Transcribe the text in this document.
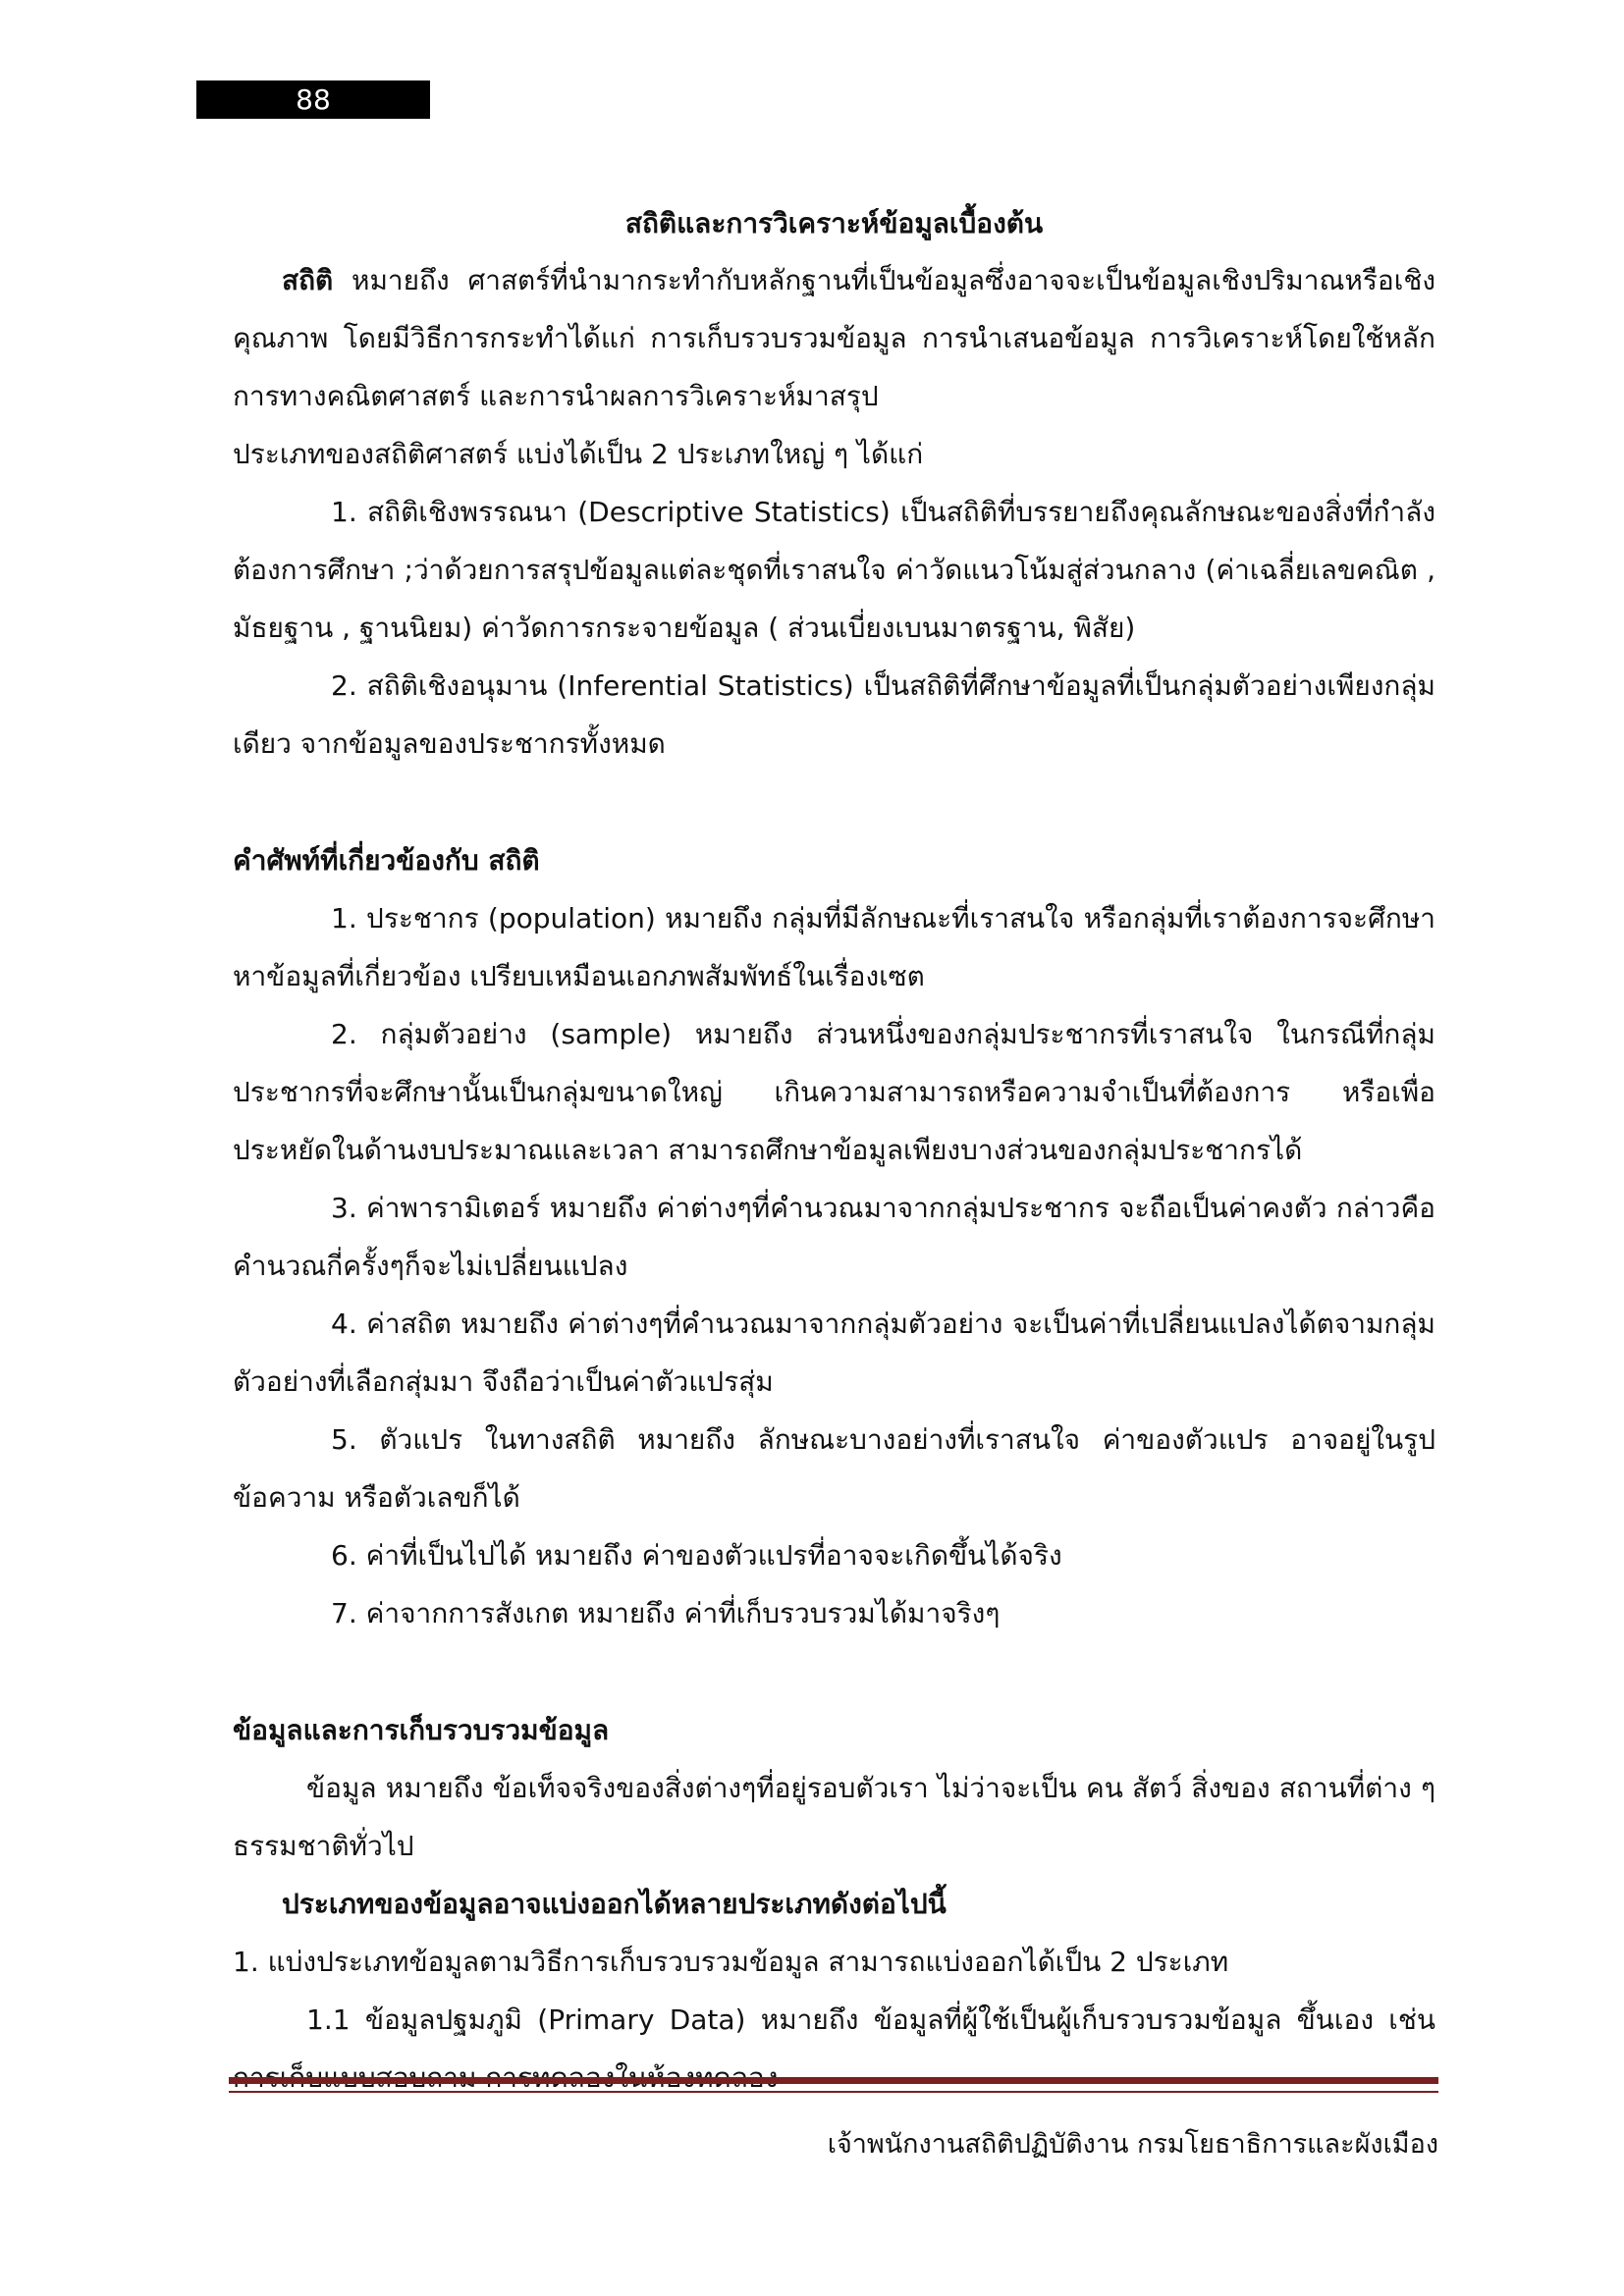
88

สถิติและการวิเคราะห์ข้อมูลเบื้องต้น

สถิติ หมายถึง ศาสตร์ที่นำมากระทำกับหลักฐานที่เป็นข้อมูลซึ่งอาจจะเป็นข้อมูลเชิงปริมาณหรือเชิงคุณภาพ โดยมีวิธีการกระทำได้แก่ การเก็บรวบรวมข้อมูล การนำเสนอข้อมูล การวิเคราะห์โดยใช้หลักการทางคณิตศาสตร์ และการนำผลการวิเคราะห์มาสรุป

ประเภทของสถิติศาสตร์ แบ่งได้เป็น 2 ประเภทใหญ่ ๆ ได้แก่

1. สถิติเชิงพรรณนา (Descriptive Statistics) เป็นสถิติที่บรรยายถึงคุณลักษณะของสิ่งที่กำลังต้องการศึกษา ;ว่าด้วยการสรุปข้อมูลแต่ละชุดที่เราสนใจ ค่าวัดแนวโน้มสู่ส่วนกลาง (ค่าเฉลี่ยเลขคณิต , มัธยฐาน , ฐานนิยม) ค่าวัดการกระจายข้อมูล ( ส่วนเบี่ยงเบนมาตรฐาน, พิสัย)

2. สถิติเชิงอนุมาน (Inferential Statistics) เป็นสถิติที่ศึกษาข้อมูลที่เป็นกลุ่มตัวอย่างเพียงกลุ่มเดียว จากข้อมูลของประชากรทั้งหมด

คำศัพท์ที่เกี่ยวข้องกับ สถิติ

1. ประชากร (population) หมายถึง กลุ่มที่มีลักษณะที่เราสนใจ หรือกลุ่มที่เราต้องการจะศึกษาหาข้อมูลที่เกี่ยวข้อง เปรียบเหมือนเอกภพสัมพัทธ์ในเรื่องเซต

2. กลุ่มตัวอย่าง (sample) หมายถึง ส่วนหนึ่งของกลุ่มประชากรที่เราสนใจ ในกรณีที่กลุ่มประชากรที่จะศึกษานั้นเป็นกลุ่มขนาดใหญ่ เกินความสามารถหรือความจำเป็นที่ต้องการ หรือเพื่อประหยัดในด้านงบประมาณและเวลา สามารถศึกษาข้อมูลเพียงบางส่วนของกลุ่มประชากรได้

3. ค่าพารามิเตอร์ หมายถึง ค่าต่างๆที่คำนวณมาจากกลุ่มประชากร จะถือเป็นค่าคงตัว กล่าวคือ คำนวณกี่ครั้งๆก็จะไม่เปลี่ยนแปลง

4. ค่าสถิต หมายถึง ค่าต่างๆที่คำนวณมาจากกลุ่มตัวอย่าง จะเป็นค่าที่เปลี่ยนแปลงได้ตจามกลุ่มตัวอย่างที่เลือกสุ่มมา จึงถือว่าเป็นค่าตัวแปรสุ่ม

5. ตัวแปร ในทางสถิติ หมายถึง ลักษณะบางอย่างที่เราสนใจ ค่าของตัวแปร อาจอยู่ในรูปข้อความ หรือตัวเลขก็ได้

6. ค่าที่เป็นไปได้ หมายถึง ค่าของตัวแปรที่อาจจะเกิดขึ้นได้จริง

7. ค่าจากการสังเกต หมายถึง ค่าที่เก็บรวบรวมได้มาจริงๆ

ข้อมูลและการเก็บรวบรวมข้อมูล

ข้อมูล หมายถึง ข้อเท็จจริงของสิ่งต่างๆที่อยู่รอบตัวเรา ไม่ว่าจะเป็น คน สัตว์ สิ่งของ สถานที่ต่าง ๆ ธรรมชาติทั่วไป

ประเภทของข้อมูลอาจแบ่งออกได้หลายประเภทดังต่อไปนี้

1. แบ่งประเภทข้อมูลตามวิธีการเก็บรวบรวมข้อมูล สามารถแบ่งออกได้เป็น 2 ประเภท

1.1 ข้อมูลปฐมภูมิ (Primary Data) หมายถึง ข้อมูลที่ผู้ใช้เป็นผู้เก็บรวบรวมข้อมูล ขึ้นเอง เช่น

เจ้าพนักงานสถิติปฏิบัติงาน กรมโยธาธิการและผังเมือง
